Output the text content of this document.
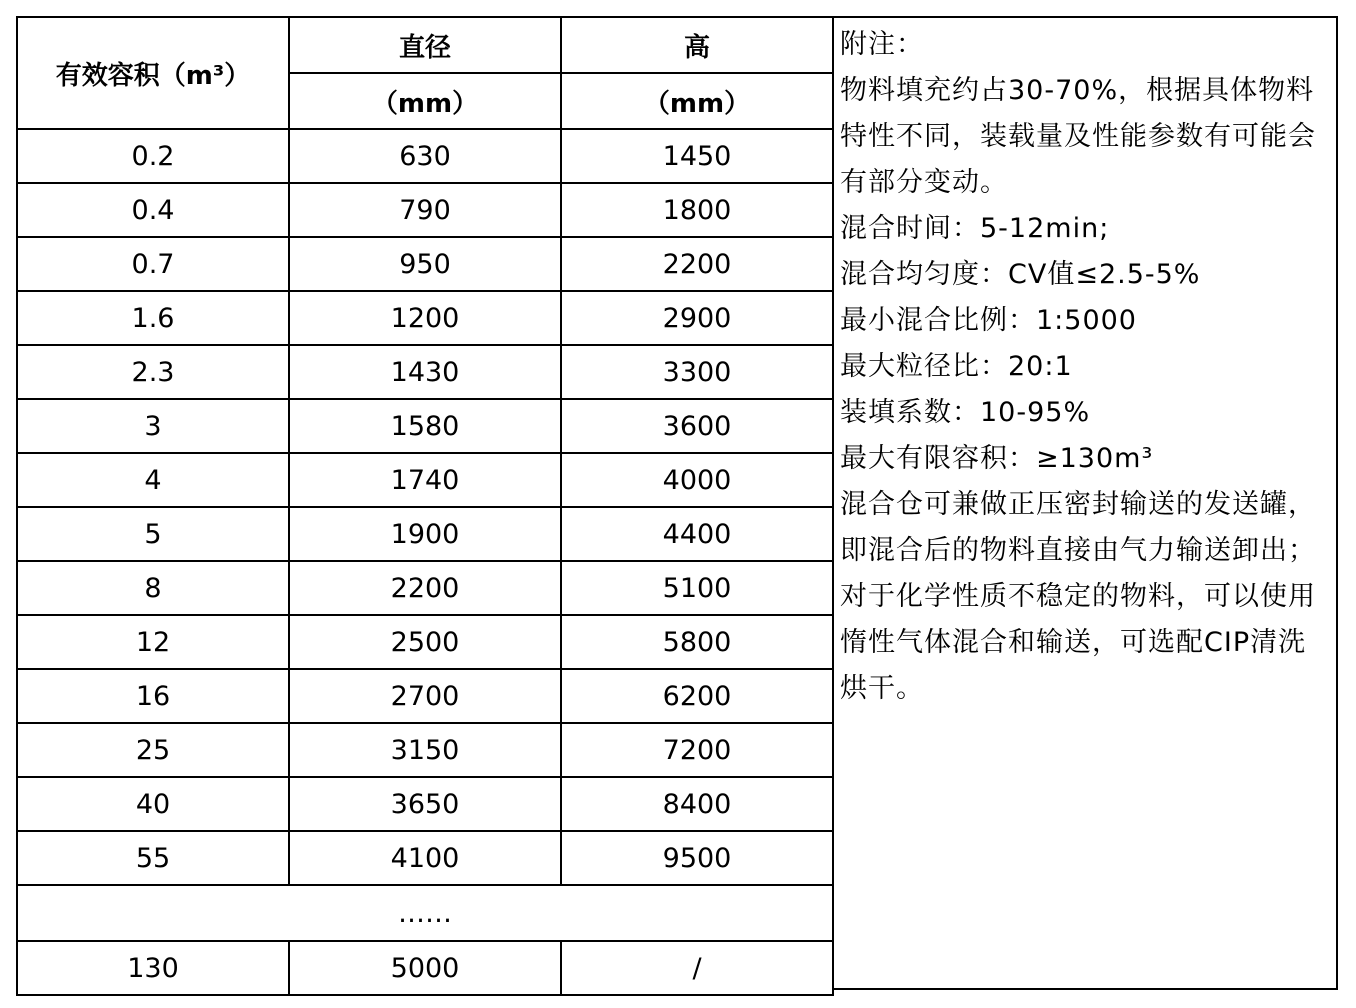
有效容积（m³）	直径	高
	（mm）	（mm）
0.2	630	1450
0.4	790	1800
0.7	950	2200
1.6	1200	2900
2.3	1430	3300
3	1580	3600
4	1740	4000
5	1900	4400
8	2200	5100
12	2500	5800
16	2700	6200
25	3150	7200
40	3650	8400
55	4100	9500
……		
130	5000	/

附注：

物料填充约占30-70%，根据具体物料特性不同，装载量及性能参数有可能会有部分变动。

混合时间：5-12min;

混合均匀度：CV值≤2.5-5%

最小混合比例：1:5000

最大粒径比：20:1

装填系数：10-95%

最大有限容积：≥130m³

混合仓可兼做正压密封输送的发送罐，即混合后的物料直接由气力输送卸出；对于化学性质不稳定的物料，可以使用惰性气体混合和输送，可选配CIP清洗烘干。
